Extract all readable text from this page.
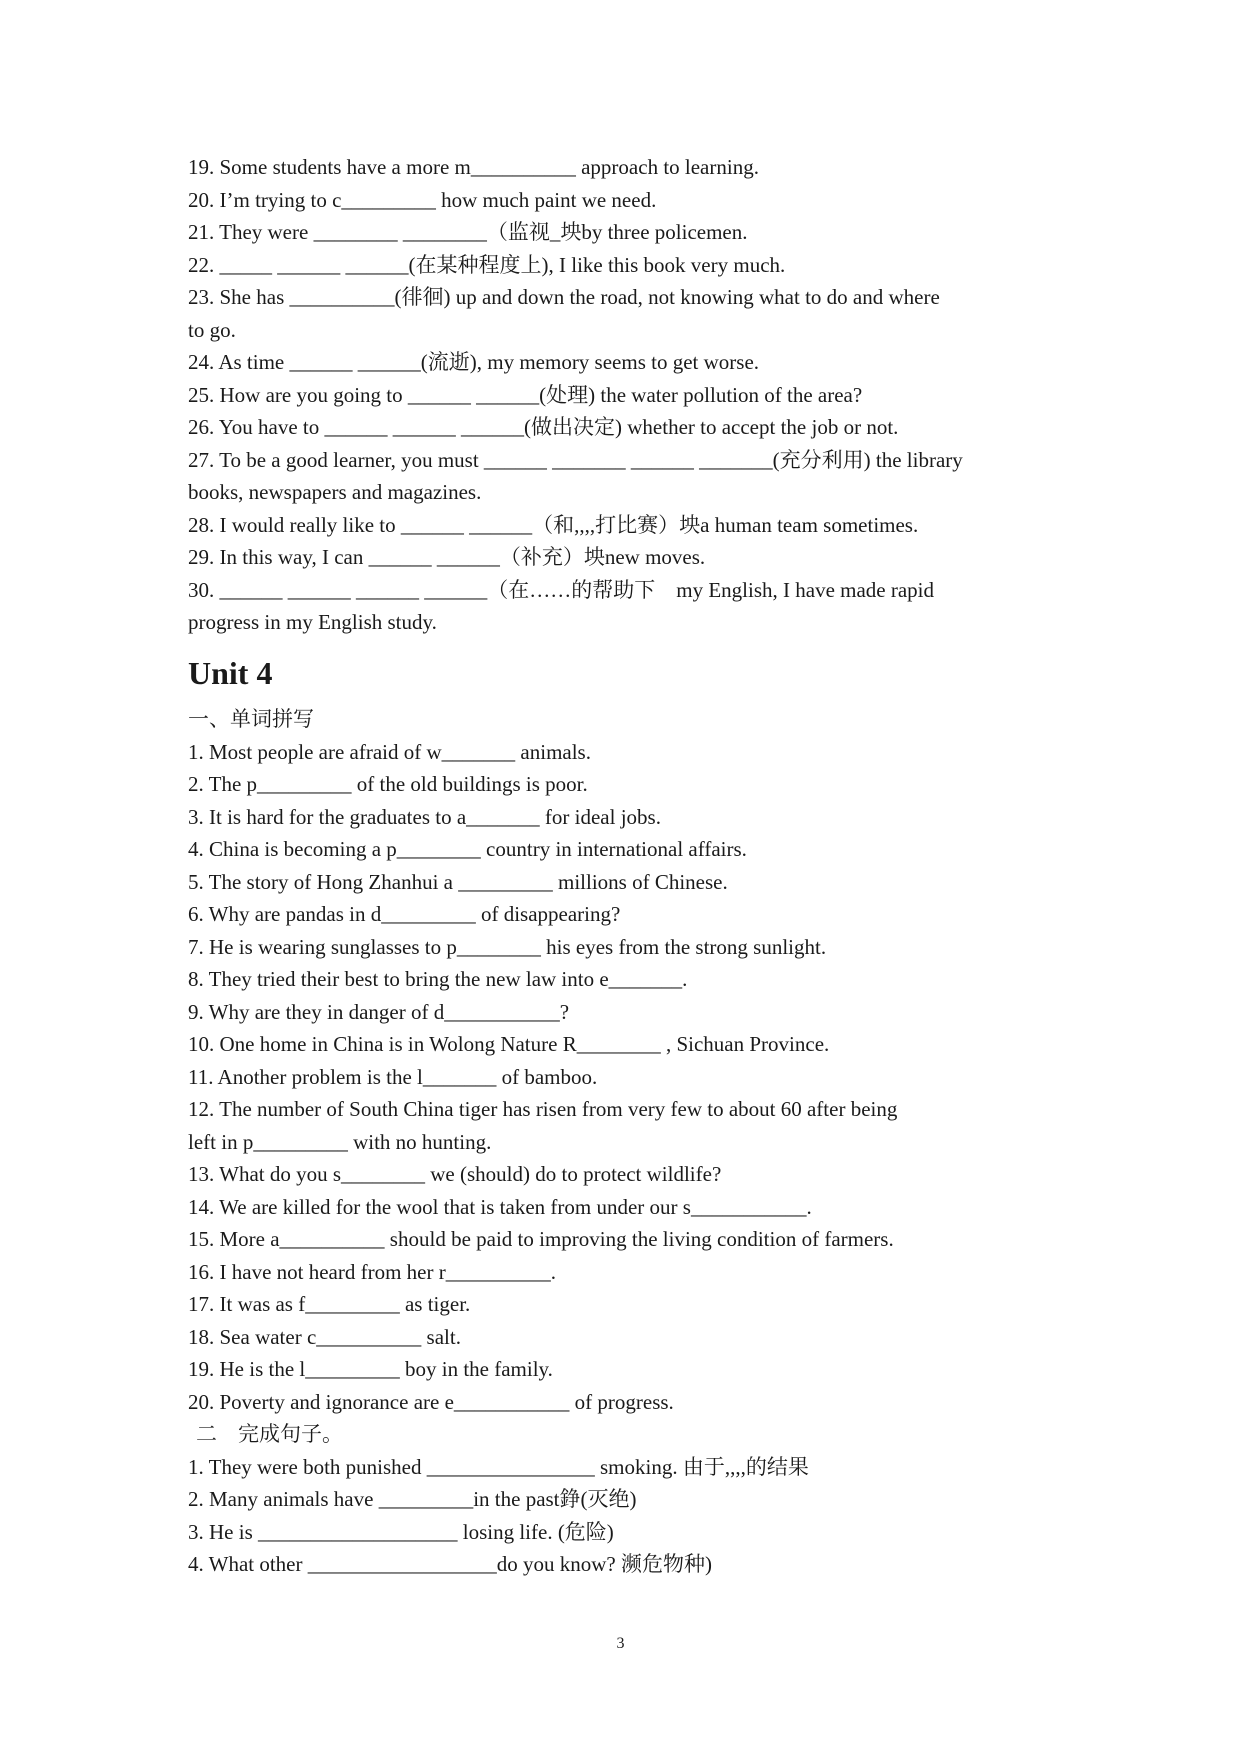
19. Some students have a more m__________ approach to learning.
20. I’m trying to c_________ how much paint we need.
21. They were ________ ________（监视_坱by three policemen.
22. _____ ______ ______(在某种程度上), I like this book very much.
23. She has __________(徘徊) up and down the road, not knowing what to do and where
to go.
24. As time ______ ______(流逝), my memory seems to get worse.
25. How are you going to ______ ______(处理) the water pollution of the area?
26. You have to ______ ______ ______(做出决定) whether to accept the job or not.
27. To be a good learner, you must ______ _______ ______ _______(充分利用) the library
books, newspapers and magazines.
28. I would really like to ______ ______（和,,,,打比赛）坱a human team sometimes.
29. In this way, I can ______ ______（补充）坱new moves.
30. ______ ______ ______ ______（在……的帮助下　my English, I have made rapid
progress in my English study.
Unit 4
一、单词拼写
1. Most people are afraid of w_______ animals.
2. The p_________ of the old buildings is poor.
3. It is hard for the graduates to a_______ for ideal jobs.
4. China is becoming a p________ country in international affairs.
5. The story of Hong Zhanhui a _________ millions of Chinese.
6. Why are pandas in d_________ of disappearing?
7. He is wearing sunglasses to p________ his eyes from the strong sunlight.
8. They tried their best to bring the new law into e_______.
9. Why are they in danger of d___________?
10. One home in China is in Wolong Nature R________ , Sichuan Province.
11. Another problem is the l_______ of bamboo.
12. The number of South China tiger has risen from very few to about 60 after being
left in p_________ with no hunting.
13. What do you s________ we (should) do to protect wildlife?
14. We are killed for the wool that is taken from under our s___________.
15. More a__________ should be paid to improving the living condition of farmers.
16. I have not heard from her r__________.
17. It was as f_________ as tiger.
18. Sea water c__________ salt.
19. He is the l_________ boy in the family.
20. Poverty and ignorance are e___________ of progress.
二　完成句子。
1. They were both punished ________________ smoking. 由于,,,,的结果
2. Many animals have _________in the past錚(灭绝)
3. He is ___________________ losing life. (危险)
4. What other __________________do you know? 濒危物种)
3
